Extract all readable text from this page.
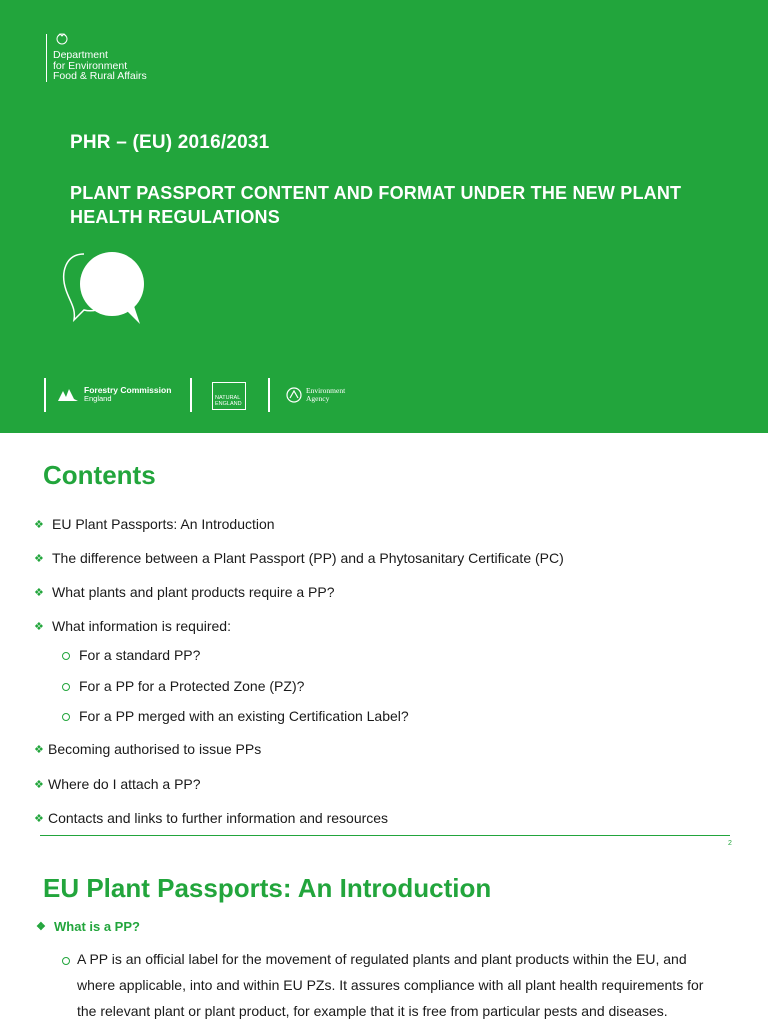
Department
for Environment
Food & Rural Affairs
PHR – (EU) 2016/2031
PLANT PASSPORT CONTENT AND FORMAT UNDER THE NEW PLANT HEALTH REGULATIONS
Forestry Commission
England	NATURAL ENGLAND
Environment
Agency
Contents
❖ EU Plant Passports: An Introduction
❖ The difference between a Plant Passport (PP) and a Phytosanitary Certificate (PC)
❖ What plants and plant products require a PP?
❖ What information is required:
For a standard PP?
For a PP for a Protected Zone (PZ)?
For a PP merged with an existing Certification Label?
❖ Becoming authorised to issue PPs
❖ Where do I attach a PP?
❖ Contacts and links to further information and resources
2
EU Plant Passports: An Introduction
❖ What is a PP?
A PP is an official label for the movement of regulated plants and plant products within the EU, and where applicable, into and within EU PZs. It assures compliance with all plant health requirements for the relevant plant or plant product, for example that it is free from particular pests and diseases.
